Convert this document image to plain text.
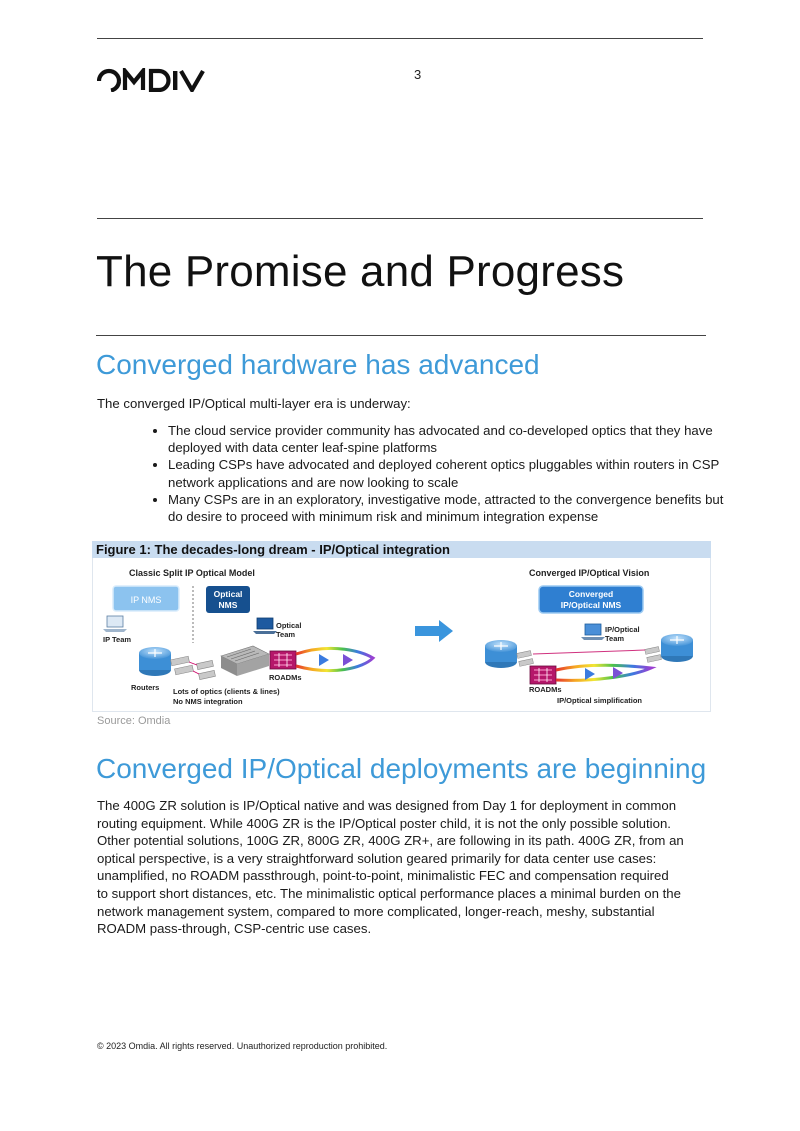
3
The Promise and Progress
Converged hardware has advanced

The converged IP/Optical multi-layer era is underway:

• The cloud service provider community has advocated and co-developed optics that they have deployed with data center leaf-spine platforms
• Leading CSPs have advocated and deployed coherent optics pluggables within routers in CSP network applications and are now looking to scale
• Many CSPs are in an exploratory, investigative mode, attracted to the convergence benefits but do desire to proceed with minimum risk and minimum integration expense
Figure 1: The decades-long dream - IP/Optical integration
Classic Split IP Optical Model
IP NMS
Optical
NMS
IP Team
Optical
Team
Routers
ROADMs
Lots of optics (clients & lines)
No NMS integration
Converged IP/Optical Vision
Converged
IP/Optical NMS
IP/Optical
Team
ROADMs
IP/Optical simplification
Source: Omdia
Converged IP/Optical deployments are beginning
The 400G ZR solution is IP/Optical native and was designed from Day 1 for deployment in common
routing equipment. While 400G ZR is the IP/Optical poster child, it is not the only possible solution.
Other potential solutions, 100G ZR, 800G ZR, 400G ZR+, are following in its path. 400G ZR, from an
optical perspective, is a very straightforward solution geared primarily for data center use cases:
unamplified, no ROADM passthrough, point-to-point, minimalistic FEC and compensation required
to support short distances, etc. The minimalistic optical performance places a minimal burden on the
network management system, compared to more complicated, longer-reach, meshy, substantial
ROADM pass-through, CSP-centric use cases.
© 2023 Omdia. All rights reserved. Unauthorized reproduction prohibited.
